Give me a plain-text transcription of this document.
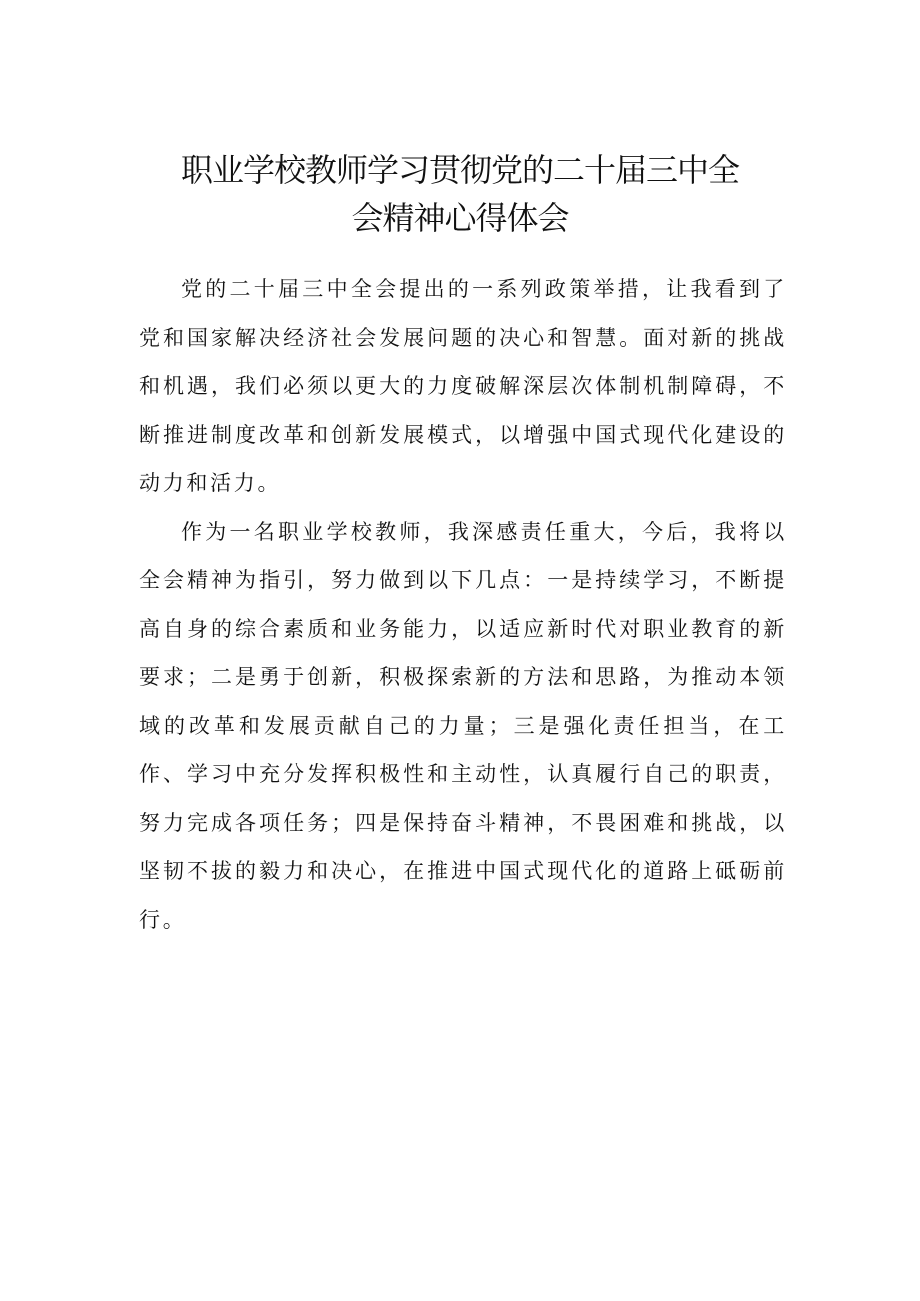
职业学校教师学习贯彻党的二十届三中全
会精神心得体会

党的二十届三中全会提出的一系列政策举措，让我看到了党和国家解决经济社会发展问题的决心和智慧。面对新的挑战和机遇，我们必须以更大的力度破解深层次体制机制障碍，不断推进制度改革和创新发展模式，以增强中国式现代化建设的动力和活力。

作为一名职业学校教师，我深感责任重大，今后，我将以全会精神为指引，努力做到以下几点：一是持续学习，不断提高自身的综合素质和业务能力，以适应新时代对职业教育的新要求；二是勇于创新，积极探索新的方法和思路，为推动本领域的改革和发展贡献自己的力量；三是强化责任担当，在工作、学习中充分发挥积极性和主动性，认真履行自己的职责，努力完成各项任务；四是保持奋斗精神，不畏困难和挑战，以坚韧不拔的毅力和决心，在推进中国式现代化的道路上砥砺前行。
